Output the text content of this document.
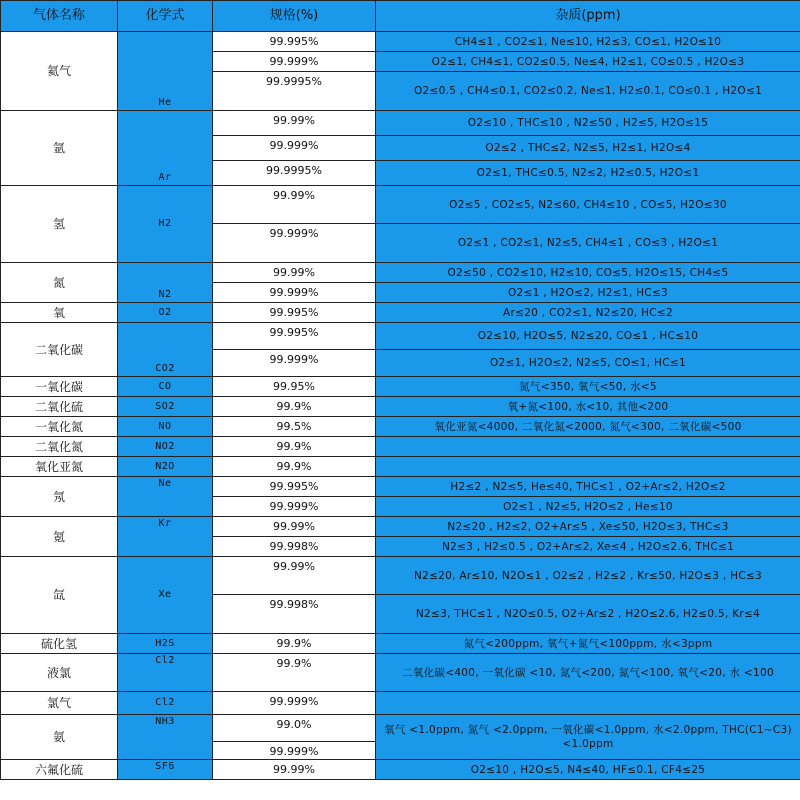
气体名称	化学式	规格(%)	杂质(ppm)
氦气	He	99.995%	CH4≤1 , CO2≤1, Ne≤10, H2≤3, CO≤1, H2O≤10
		99.999%	O2≤1, CH4≤1, CO2≤0.5, Ne≤4, H2≤1, CO≤0.5 , H2O≤3
		99.9995%	O2≤0.5 , CH4≤0.1, CO2≤0.2, Ne≤1, H2≤0.1, CO≤0.1 , H2O≤1
氩	Ar	99.99%	O2≤10 , THC≤10 , N2≤50 , H2≤5, H2O≤15
		99.999%	O2≤2 , THC≤2, N2≤5, H2≤1, H2O≤4
		99.9995%	O2≤1, THC≤0.5, N2≤2, H2≤0.5, H2O≤1
氢	H2	99.99%	O2≤5 , CO2≤5, N2≤60, CH4≤10 , CO≤5, H2O≤30
		99.999%	O2≤1 , CO2≤1, N2≤5, CH4≤1 , CO≤3 , H2O≤1
氮	N2	99.99%	O2≤50 , CO2≤10, H2≤10, CO≤5, H2O≤15, CH4≤5
		99.999%	O2≤1 , H2O≤2, H2≤1, HC≤3
氧	O2	99.995%	Ar≤20 , CO2≤1, N2≤20, HC≤2
二氧化碳	CO2	99.995%	O2≤10, H2O≤5, N2≤20, CO≤1 , HC≤10
		99.999%	O2≤1, H2O≤2, N2≤5, CO≤1, HC≤1
一氧化碳	CO	99.95%	氮气<350, 氧气<50, 水<5
二氧化硫	SO2	99.9%	氧+氮<100, 水<10, 其他<200
一氧化氮	NO	99.5%	氧化亚氮<4000, 二氧化氮<2000, 氮气<300, 二氧化碳<500
二氧化氮	NO2	99.9%	
氧化亚氮	N2O	99.9%	
氖	Ne	99.995%	H2≤2 , N2≤5, He≤40, THC≤1 , O2+Ar≤2, H2O≤2
		99.999%	O2≤1 , N2≤5, H2O≤2 , He≤10
氪	Kr	99.99%	N2≤20 , H2≤2, O2+Ar≤5 , Xe≤50, H2O≤3, THC≤3
		99.998%	N2≤3 , H2≤0.5 , O2+Ar≤2, Xe≤4 , H2O≤2.6, THC≤1
氙	Xe	99.99%	N2≤20, Ar≤10, N2O≤1 , O2≤2 , H2≤2 , Kr≤50, H2O≤3 , HC≤3
		99.998%	N2≤3, THC≤1 , N2O≤0.5, O2+Ar≤2 , H2O≤2.6, H2≤0.5, Kr≤4
硫化氢	H2S	99.9%	氮气<200ppm, 氧气+氮气<100ppm, 水<3ppm
液氯	Cl2	99.9%	二氧化碳<400, 一氧化碳 <10, 氮气<200, 氮气<100, 氧气<20, 水 <100
氯气	Cl2	99.999%	
氨	NH3	99.0%	氧气 <1.0ppm, 氮气 <2.0ppm, 一氧化碳<1.0ppm, 水<2.0ppm, THC(C1~C3) <1.0ppm
		99.999%	
六氟化硫	SF6	99.99%	O2≤10 , H2O≤5, N4≤40, HF≤0.1, CF4≤25
